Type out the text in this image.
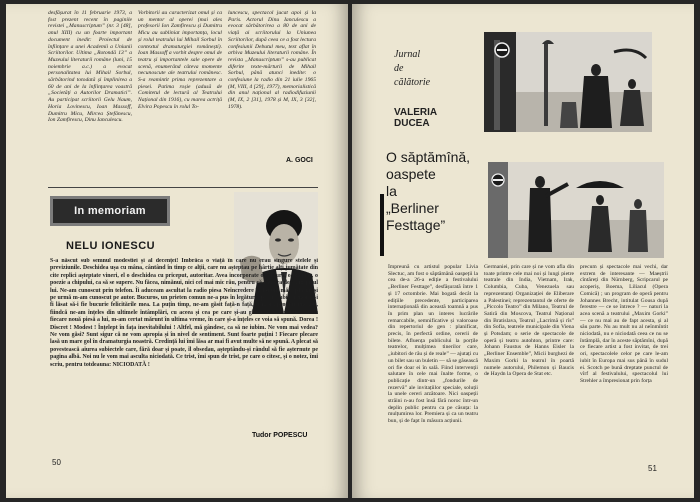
desfășurat în 11 februarie 1973, a fost prezent recent în paginile revistei „Manuscriptum” (nr. 3 [48], anul XIII) cu un foarte important document inedit: Proiectul de înființare a unei Academii a Uniunii Scriitorilor. Ultima „Rotondă 13” a Muzeului literaturii române (luni, 15 noiembrie a.c.) a evocat personalitatea lui Mihail Sorbul, sărbătorind totodată și împlinirea a 60 de ani de la înființarea voastră „Societăți a Autorilor Dramatici”. Au participat scriitorii Gelu Naum, Horia Lovinescu, Ioan Massoff, Dumitru Micu, Mircea Ștefănescu, Ion Zamfirescu, Dinu Ianculescu.
Vorbitorii au caracterizat omul și ca un mentor al operei (mai ales profesorii Ion Zamfirescu și Dumitru Micu au subliniat importanța, locul și rolul teatrului lui Mihail Sorbul în contextul dramaturgiei românești). Ioan Massoff a vorbit despre omul de teatru și importantele sale opere de scenă, enumerând câteva momente necunoscute ale teatrului românesc. S-a reamintit prima reprezentare a piesei. Patima roșie (adusă de Comitetul de lectură al Teatrului Național din 1916), cu marea actriță Elvira Popescu în rolul To-
luncescu, spectacol jucat apoi și la Paris. Actorul Dinu Ianculescu a evocat sărbătorirea a 80 de ani de viață ai scriitorului la Uniunea Scriitorilor, după ceea ce a fost lectura confesiunii Debutul meu, text aflat în arhiva Muzeului literaturii române. În revista „Manuscriptum” s-au publicat diferite texte-mărturii de Mihail Sorbul, până atunci inedite: o confesiune la radio din 21 iulie 1965 (M, VIII, 4 [29], 1977), memorialistică din anul național al radiodifuziunii (M, IX, 2 [31], 1978 și M, IX, 3 [32], 1978).
A. GOCI
In memoriam
NELU IONESCU
S-a născut sub semnul modestiei și al decenței! Îmbrăca o viață în care nu erau singure stelele și previziunile. Deschidea ușa cu mâna, cântând în timp ce alții, care nu așteptau pe hârtie alți jumătate din cite replici așteptate vineri, el o deschidea cu priceput, autoritar. Avea incorporate o căldură, o bucurie, o poezie a chipului, ca să se supere. Nu făcea, nimănui, nici cel mai mic rău, pentru că rău era decât în jurul lui. Ne-am cunoscut prin telefon. Îi aduceam ascultat la radio piesa Neîncredere în fotbal, mă-a plăcut, și pe urmă m-am cunoscut pe autor. Bucuros, un prieten comun ne-a pus în legătură, pe fir. Iubirea mea să-i fi lăsat să-i fie bucurie felicitările mea. La puțin timp, ne-am găsit față-n față, și m-a apropiat imediat, fiindcă ne-am înțeles din ultimele întâmplări, cu aceea și cea pe care și-au ghicit-o. M-am bucurat de fiecare nouă piesă a lui, m-am certat mărunt în ultima vreme, în care și-a înțeles ce voia să spună. Dorea ! Discret ! Modest ! Înțelept în fața inevitabilului ! Altfel, mă gândesc, ca să ne iubim. Ne vom mai vedea? Ne vom găsi? Sunt sigur că ne vom apropia și în nivel de sentiment. Sunt foarte puțini ! Fiecare plecare lasă un mare gol în dramaturgia noastră. Credință lui îmi lăsa ar mai fi avut multe să ne spună. A plecat să povestească aiurea subiectele care, fără doar și poate, îl obsedau, așteptându-și rândul să fie așternute pe pagina albă. Noi nu le vom mai asculta niciodată. Ce trist, îmi spun de trist, pe care o citesc, și o notez, îmi scriu, pentru totdeauna: NICIODATĂ !
Tudor POPESCU
50
Jurnal
de
călătorie
VALERIA
DUCEA
O săptămînă,
oaspete
la
„Berliner
Festtage”
Împreună cu artistul popular Livia Slectuc, am fost o săptămână oaspeții la cea de-a 26-a ediție a festivalului „Berliner Festtage”, desfășurată între 1 și 17 octombrie. Mai bogată decât la edițiile precedente, participarea internațională din această toamnă a pus în prim plan un interes lucrările remarcabile, semnificative și valoroase din repertoriul de gen : planificat, precis, în perfectă ordine, cererii de bilete. Afluența publicului la porțile teatrelor, mulțimea tinerilor care, „iubitori de rău și de reale” — ajutați cu un bilet sau un buletin — să se găsească ori fie doar ei în sală. Fiind intervenții salutare în cele mai înalte forme, o publicație dintr-un „fondurile de rezervă” ale invitațiilor speciale, soluții la unele cereri arzătoare. Nici oaspeții străini n-au fost însă fără noroc într-un deplin public pentru ca pe căsuța: la mulțumirea lor. Premiera și ca un teatru bun, și de fapt în măsura acțiunii.
Germaniei, prin care și ne vom afla din toate printre cele mai noi și lungi pietre teatrale din India, Vietnam, Irak, Columbia, Cuba, Venezuela sau reprezentanți Organizației de Eliberare a Palestinei; reprezentantul de oferte de „Piccolo Teatro” din Milano, Teatrul de Satiră din Moscova, Teatrul Național din Bratislava, Teatrul „Lacrimă și rîs” din Sofia, teatrele municipale din Viena și Potsdam; o serie de spectacole de operă și teatru autohton, printre care: Johann Faustus de Hanns Eisler la „Berliner Ensemble”, Micii burghezi de Maxim Gorki la teatrul în poartă numele autorului, Philemon și Baucis de Haydn la Opera de Stat etc.
precum și spectacole mai vechi, dar extrem de interesante — Maeștrii cîntăreți din Nürnberg, Scripcarul pe acoperiș, Boema, Liliacul (Opera Comică) ; un program de operă pentru Johannes Brecht, intitulat Gousa după ferestre — ce se întrece ? — naturi la acea scenă a teatrului „Maxim Gorki” — ce nu mai au de fapt acesta, și al său parte. Nu au mult nu al neînmîntit niciodată, nu e niciodată ceea ce nu se întâmplă, dar în aceste săptămîni, după ce fiecare artist a fost invitat, de trei ori, spectacolele celor pe care le-am iubit în Europa mai sus până în sudul ei. Scotch pe bună dreptate punctul de vîrf al festivalului, spectacolul lui Strehler a împresionat prin forța
51
